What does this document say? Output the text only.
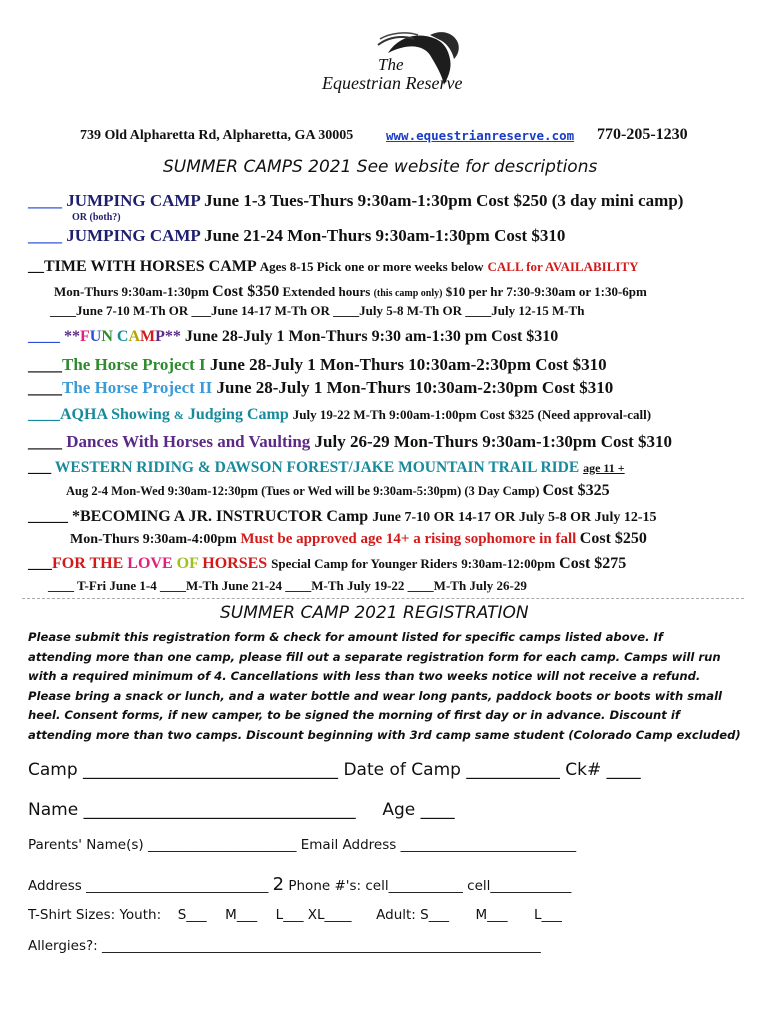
The
Equestrian Reserve
739 Old Alpharetta Rd, Alpharetta, GA 30005	www.equestrianreserve.com 770-205-1230
SUMMER CAMPS 2021 See website for descriptions
____ JUMPING CAMP June 1-3 Tues-Thurs 9:30am-1:30pm Cost $250 (3 day mini camp)
OR (both?)
____ JUMPING CAMP June 21-24 Mon-Thurs 9:30am-1:30pm Cost $310
__TIME WITH HORSES CAMP Ages 8-15 Pick one or more weeks below CALL for AVAILABILITY
Mon-Thurs 9:30am-1:30pm Cost $350 Extended hours (this camp only) $10 per hr 7:30-9:30am or 1:30-6pm
____June 7-10 M-Th OR ___June 14-17 M-Th OR ____July 5-8 M-Th OR ____July 12-15 M-Th
____ **FUN CAMP** June 28-July 1 Mon-Thurs 9:30 am-1:30 pm Cost $310
____The Horse Project I June 28-July 1 Mon-Thurs 10:30am-2:30pm Cost $310
____The Horse Project II June 28-July 1 Mon-Thurs 10:30am-2:30pm Cost $310
____AQHA Showing & Judging Camp July 19-22 M-Th 9:00am-1:00pm Cost $325 (Need approval-call)
____ Dances With Horses and Vaulting July 26-29 Mon-Thurs 9:30am-1:30pm Cost $310
___ WESTERN RIDING & DAWSON FOREST/JAKE MOUNTAIN TRAIL RIDE age 11 +
Aug 2-4 Mon-Wed 9:30am-12:30pm (Tues or Wed will be 9:30am-5:30pm) (3 Day Camp) Cost $325
_____ *BECOMING A JR. INSTRUCTOR Camp June 7-10 OR 14-17 OR July 5-8 OR July 12-15
Mon-Thurs 9:30am-4:00pm Must be approved age 14+ a rising sophomore in fall Cost $250
___FOR THE LOVE OF HORSES Special Camp for Younger Riders 9:30am-12:00pm Cost $275
____ T-Fri June 1-4 ____M-Th June 21-24 ____M-Th July 19-22 ____M-Th July 26-29
SUMMER CAMP 2021 REGISTRATION
Please submit this registration form & check for amount listed for specific camps listed above. If
attending more than one camp, please fill out a separate registration form for each camp. Camps will run
with a required minimum of 4. Cancellations with less than two weeks notice will not receive a refund.
Please bring a snack or lunch, and a water bottle and wear long pants, paddock boots or boots with small
heel. Consent forms, if new camper, to be signed the morning of first day or in advance. Discount if
attending more than two camps. Discount beginning with 3rd camp same student (Colorado Camp excluded)
Camp ______________________________ Date of Camp ___________ Ck# ____
Name ________________________________ Age ____
Parents' Name(s) ______________________ Email Address __________________________
Address ___________________________ 2 Phone #'s: cell___________ cell____________
T-Shirt Sizes: Youth: S___ M___ L___ XL____ Adult: S___ M___ L___
Allergies?: _________________________________________________________________
